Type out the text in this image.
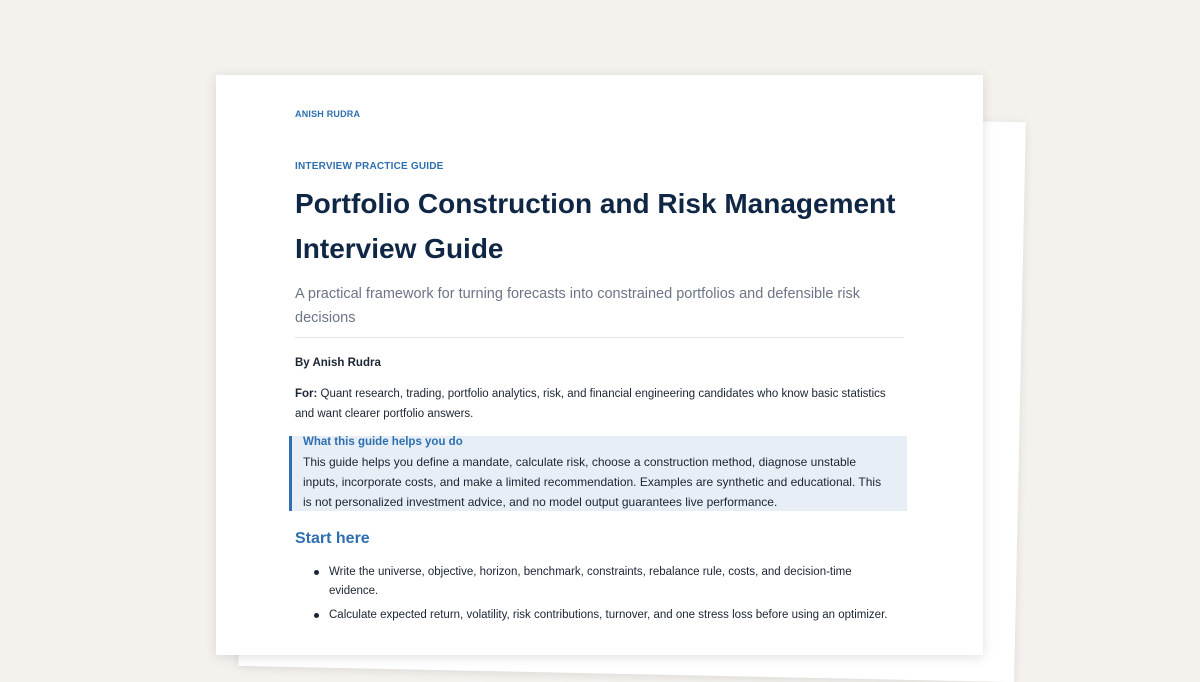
ANISH RUDRA
INTERVIEW PRACTICE GUIDE
Portfolio Construction and Risk Management Interview Guide
A practical framework for turning forecasts into constrained portfolios and defensible risk decisions
By Anish Rudra
For: Quant research, trading, portfolio analytics, risk, and financial engineering candidates who know basic statistics and want clearer portfolio answers.
What this guide helps you do
This guide helps you define a mandate, calculate risk, choose a construction method, diagnose unstable inputs, incorporate costs, and make a limited recommendation. Examples are synthetic and educational. This is not personalized investment advice, and no model output guarantees live performance.
Start here
Write the universe, objective, horizon, benchmark, constraints, rebalance rule, costs, and decision-time evidence.
Calculate expected return, volatility, risk contributions, turnover, and one stress loss before using an optimizer.
